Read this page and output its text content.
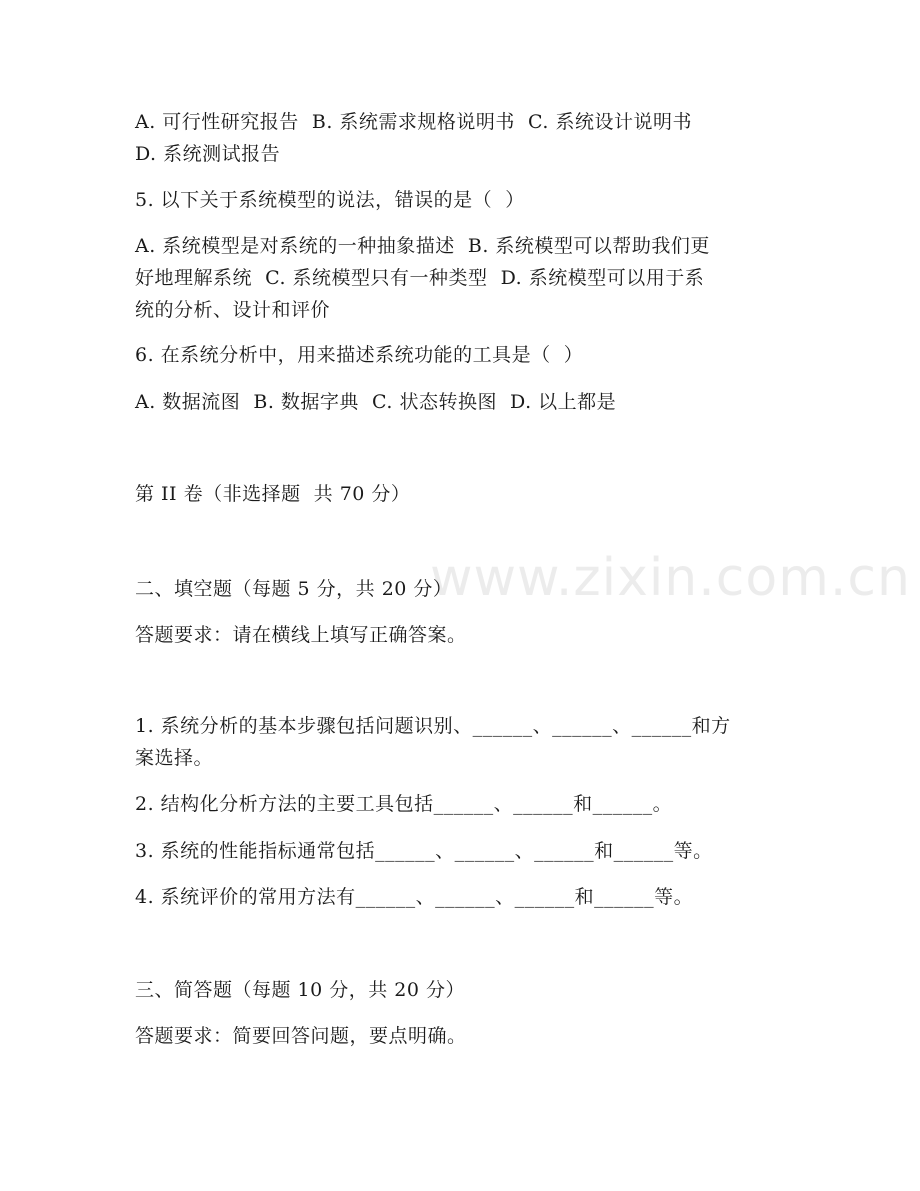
www.zixin.com.cn
A. 可行性研究报告  B. 系统需求规格说明书  C. 系统设计说明书
D. 系统测试报告
5. 以下关于系统模型的说法，错误的是（  ）
A. 系统模型是对系统的一种抽象描述  B. 系统模型可以帮助我们更
好地理解系统  C. 系统模型只有一种类型  D. 系统模型可以用于系
统的分析、设计和评价
6. 在系统分析中，用来描述系统功能的工具是（  ）
A. 数据流图  B. 数据字典  C. 状态转换图  D. 以上都是
第 II 卷（非选择题  共 70 分）
二、填空题（每题 5 分，共 20 分）
答题要求：请在横线上填写正确答案。
1. 系统分析的基本步骤包括问题识别、______、______、______和方
案选择。
2. 结构化分析方法的主要工具包括______、______和______。
3. 系统的性能指标通常包括______、______、______和______等。
4. 系统评价的常用方法有______、______、______和______等。
三、简答题（每题 10 分，共 20 分）
答题要求：简要回答问题，要点明确。
